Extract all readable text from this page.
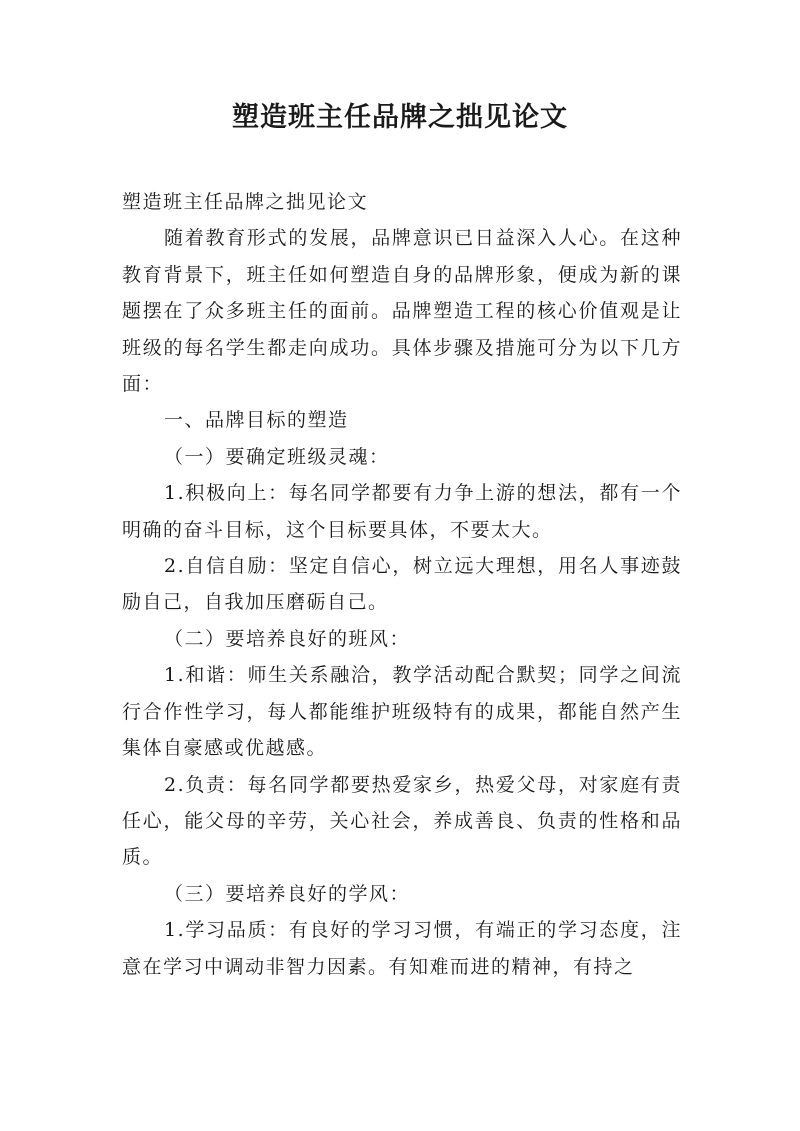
塑造班主任品牌之拙见论文

塑造班主任品牌之拙见论文

随着教育形式的发展，品牌意识已日益深入人心。在这种教育背景下，班主任如何塑造自身的品牌形象，便成为新的课题摆在了众多班主任的面前。品牌塑造工程的核心价值观是让班级的每名学生都走向成功。具体步骤及措施可分为以下几方面：

一、品牌目标的塑造

（一）要确定班级灵魂：

1.积极向上：每名同学都要有力争上游的想法，都有一个明确的奋斗目标，这个目标要具体，不要太大。

2.自信自励：坚定自信心，树立远大理想，用名人事迹鼓励自己，自我加压磨砺自己。

（二）要培养良好的班风：

1.和谐：师生关系融洽，教学活动配合默契；同学之间流行合作性学习，每人都能维护班级特有的成果，都能自然产生集体自豪感或优越感。

2.负责：每名同学都要热爱家乡，热爱父母，对家庭有责任心，能父母的辛劳，关心社会，养成善良、负责的性格和品质。

（三）要培养良好的学风：

1.学习品质：有良好的学习习惯，有端正的学习态度，注意在学习中调动非智力因素。有知难而进的精神，有持之
